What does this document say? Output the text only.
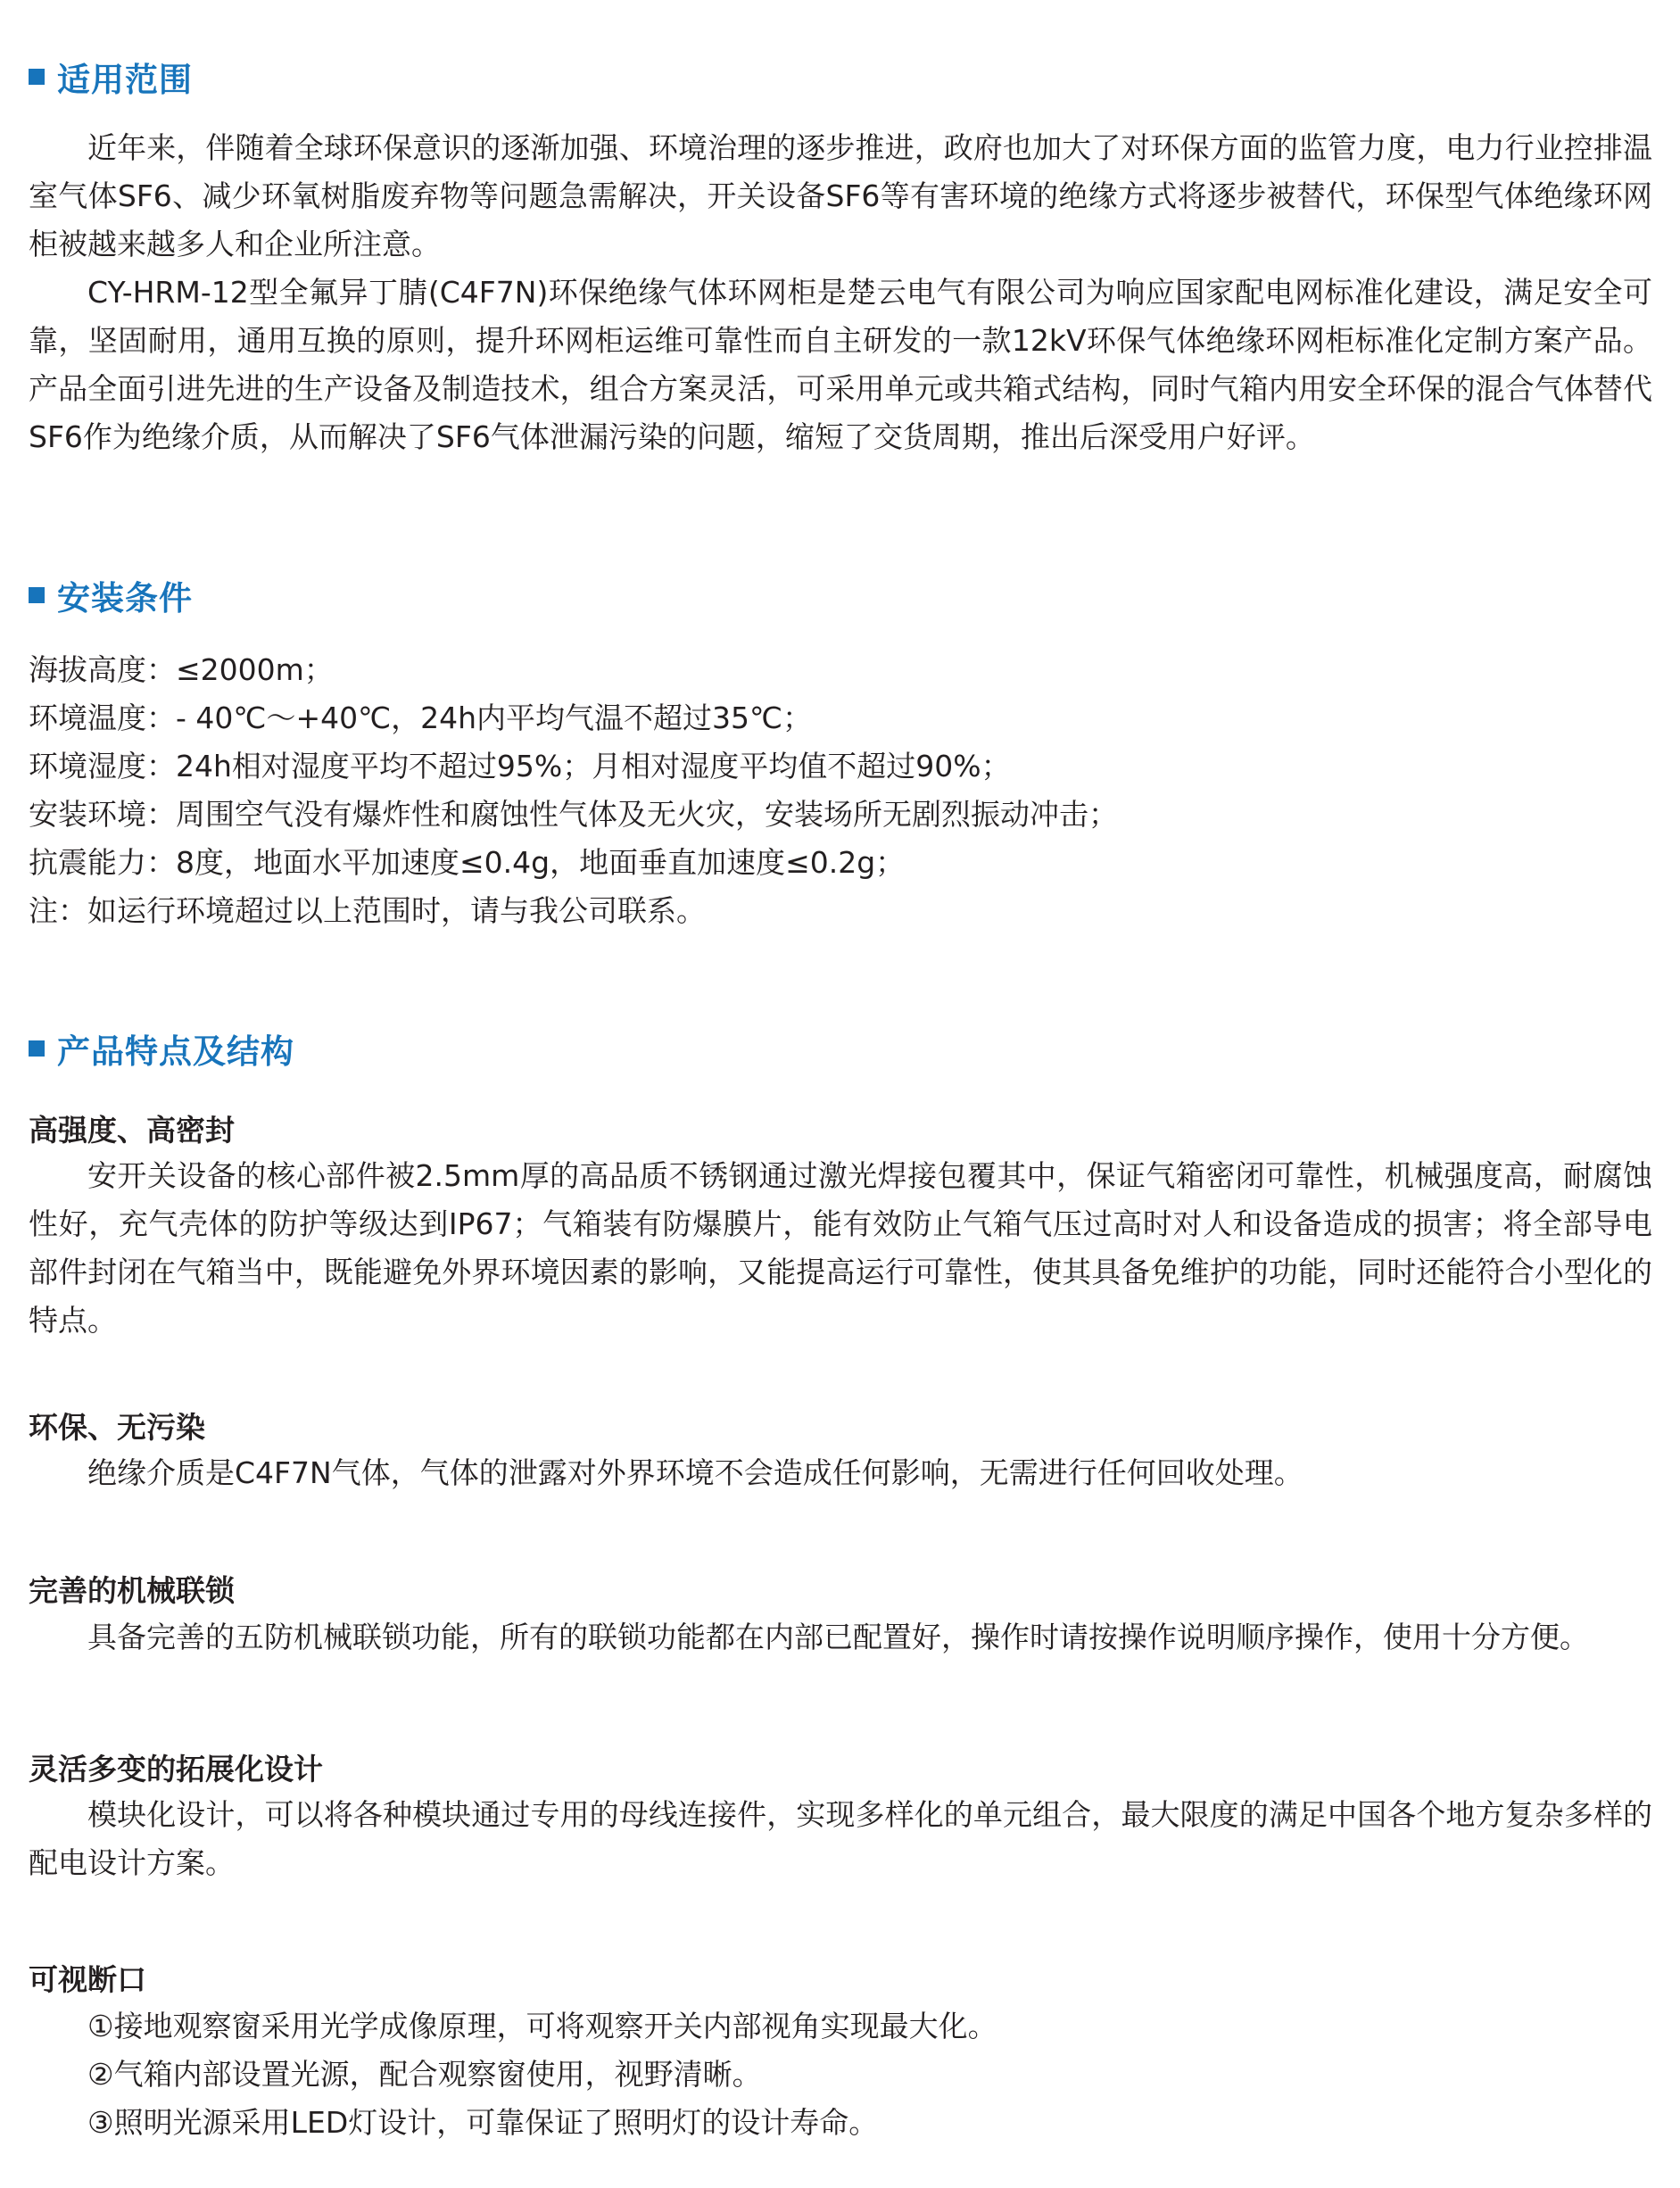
适用范围

近年来，伴随着全球环保意识的逐渐加强、环境治理的逐步推进，政府也加大了对环保方面的监管力度，电力行业控排温室气体SF6、减少环氧树脂废弃物等问题急需解决，开关设备SF6等有害环境的绝缘方式将逐步被替代，环保型气体绝缘环网柜被越来越多人和企业所注意。

CY-HRM-12型全氟异丁腈(C4F7N)环保绝缘气体环网柜是楚云电气有限公司为响应国家配电网标准化建设，满足安全可靠，坚固耐用，通用互换的原则，提升环网柜运维可靠性而自主研发的一款12kV环保气体绝缘环网柜标准化定制方案产品。产品全面引进先进的生产设备及制造技术，组合方案灵活，可采用单元或共箱式结构，同时气箱内用安全环保的混合气体替代SF6作为绝缘介质，从而解决了SF6气体泄漏污染的问题，缩短了交货周期，推出后深受用户好评。

安装条件

海拔高度：≤2000m；

环境温度：- 40℃～+40℃，24h内平均气温不超过35℃；

环境湿度：24h相对湿度平均不超过95%；月相对湿度平均值不超过90%；

安装环境：周围空气没有爆炸性和腐蚀性气体及无火灾，安装场所无剧烈振动冲击；

抗震能力：8度，地面水平加速度≤0.4g，地面垂直加速度≤0.2g；

注：如运行环境超过以上范围时，请与我公司联系。

产品特点及结构
高强度、高密封

安开关设备的核心部件被2.5mm厚的高品质不锈钢通过激光焊接包覆其中，保证气箱密闭可靠性，机械强度高，耐腐蚀性好，充气壳体的防护等级达到IP67；气箱装有防爆膜片，能有效防止气箱气压过高时对人和设备造成的损害；将全部导电部件封闭在气箱当中，既能避免外界环境因素的影响，又能提高运行可靠性，使其具备免维护的功能，同时还能符合小型化的特点。

环保、无污染

绝缘介质是C4F7N气体，气体的泄露对外界环境不会造成任何影响，无需进行任何回收处理。

完善的机械联锁

具备完善的五防机械联锁功能，所有的联锁功能都在内部已配置好，操作时请按操作说明顺序操作，使用十分方便。

灵活多变的拓展化设计

模块化设计，可以将各种模块通过专用的母线连接件，实现多样化的单元组合，最大限度的满足中国各个地方复杂多样的配电设计方案。

可视断口

①接地观察窗采用光学成像原理，可将观察开关内部视角实现最大化。

②气箱内部设置光源，配合观察窗使用，视野清晰。

③照明光源采用LED灯设计，可靠保证了照明灯的设计寿命。
